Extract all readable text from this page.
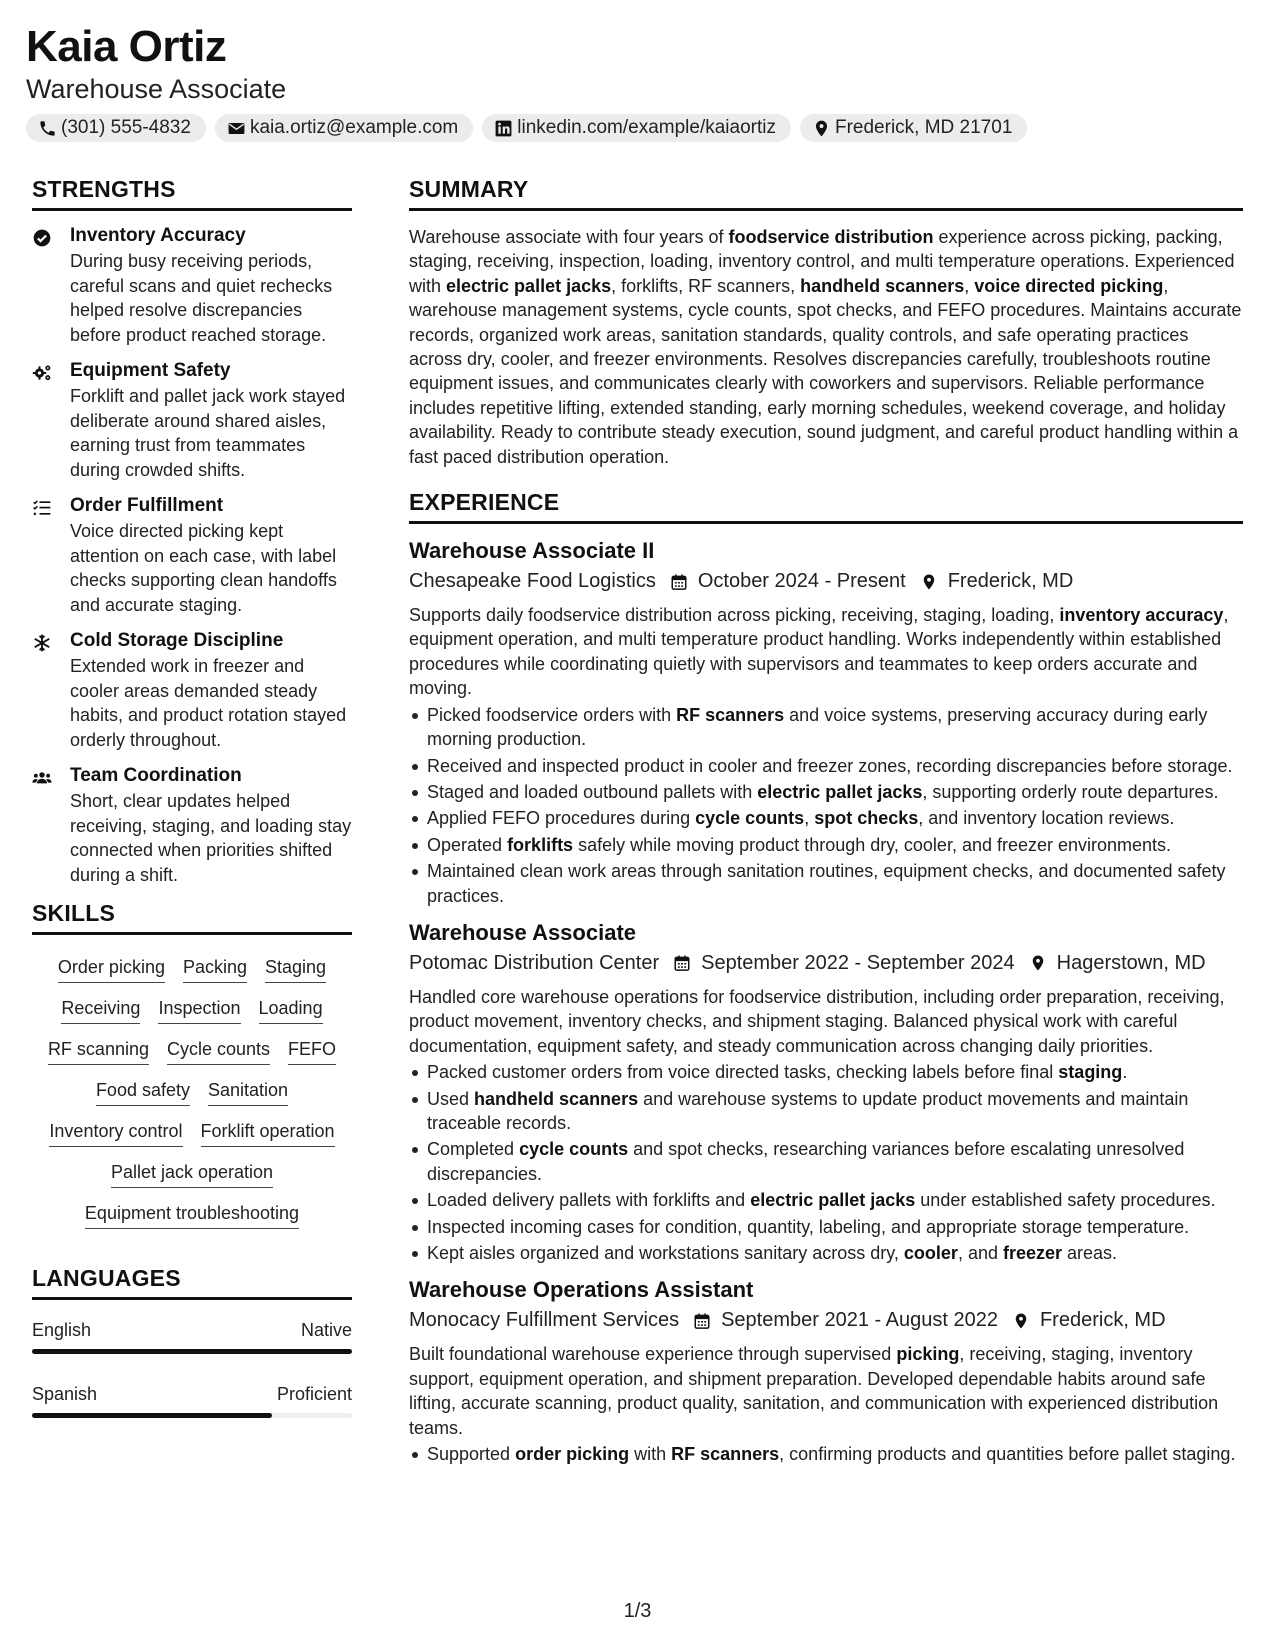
Kaia Ortiz
Warehouse Associate
(301) 555-4832	kaia.ortiz@example.com	linkedin.com/example/kaiaortiz	Frederick, MD 21701
STRENGTHS
Inventory Accuracy
During busy receiving periods, careful scans and quiet rechecks helped resolve discrepancies before product reached storage.
Equipment Safety
Forklift and pallet jack work stayed deliberate around shared aisles, earning trust from teammates during crowded shifts.
Order Fulfillment
Voice directed picking kept attention on each case, with label checks supporting clean handoffs and accurate staging.
Cold Storage Discipline
Extended work in freezer and cooler areas demanded steady habits, and product rotation stayed orderly throughout.
Team Coordination
Short, clear updates helped receiving, staging, and loading stay connected when priorities shifted during a shift.
SKILLS
Order picking Packing Staging
Receiving Inspection Loading
RF scanning Cycle counts FEFO
Food safety Sanitation
Inventory control Forklift operation
Pallet jack operation
Equipment troubleshooting
LANGUAGES
English	Native
Spanish	Proficient
SUMMARY
Warehouse associate with four years of foodservice distribution experience across picking, packing, staging, receiving, inspection, loading, inventory control, and multi temperature operations. Experienced with electric pallet jacks, forklifts, RF scanners, handheld scanners, voice directed picking, warehouse management systems, cycle counts, spot checks, and FEFO procedures. Maintains accurate records, organized work areas, sanitation standards, quality controls, and safe operating practices across dry, cooler, and freezer environments. Resolves discrepancies carefully, troubleshoots routine equipment issues, and communicates clearly with coworkers and supervisors. Reliable performance includes repetitive lifting, extended standing, early morning schedules, weekend coverage, and holiday availability. Ready to contribute steady execution, sound judgment, and careful product handling within a fast paced distribution operation.
EXPERIENCE
Warehouse Associate II
Chesapeake Food Logistics October 2024 - Present Frederick, MD
Supports daily foodservice distribution across picking, receiving, staging, loading, inventory accuracy, equipment operation, and multi temperature product handling. Works independently within established procedures while coordinating quietly with supervisors and teammates to keep orders accurate and moving.
Picked foodservice orders with RF scanners and voice systems, preserving accuracy during early morning production.
Received and inspected product in cooler and freezer zones, recording discrepancies before storage.
Staged and loaded outbound pallets with electric pallet jacks, supporting orderly route departures.
Applied FEFO procedures during cycle counts, spot checks, and inventory location reviews.
Operated forklifts safely while moving product through dry, cooler, and freezer environments.
Maintained clean work areas through sanitation routines, equipment checks, and documented safety practices.
Warehouse Associate
Potomac Distribution Center September 2022 - September 2024 Hagerstown, MD
Handled core warehouse operations for foodservice distribution, including order preparation, receiving, product movement, inventory checks, and shipment staging. Balanced physical work with careful documentation, equipment safety, and steady communication across changing daily priorities.
Packed customer orders from voice directed tasks, checking labels before final staging.
Used handheld scanners and warehouse systems to update product movements and maintain traceable records.
Completed cycle counts and spot checks, researching variances before escalating unresolved discrepancies.
Loaded delivery pallets with forklifts and electric pallet jacks under established safety procedures.
Inspected incoming cases for condition, quantity, labeling, and appropriate storage temperature.
Kept aisles organized and workstations sanitary across dry, cooler, and freezer areas.
Warehouse Operations Assistant
Monocacy Fulfillment Services September 2021 - August 2022 Frederick, MD
Built foundational warehouse experience through supervised picking, receiving, staging, inventory support, equipment operation, and shipment preparation. Developed dependable habits around safe lifting, accurate scanning, product quality, sanitation, and communication with experienced distribution teams.
Supported order picking with RF scanners, confirming products and quantities before pallet staging.
1/3
